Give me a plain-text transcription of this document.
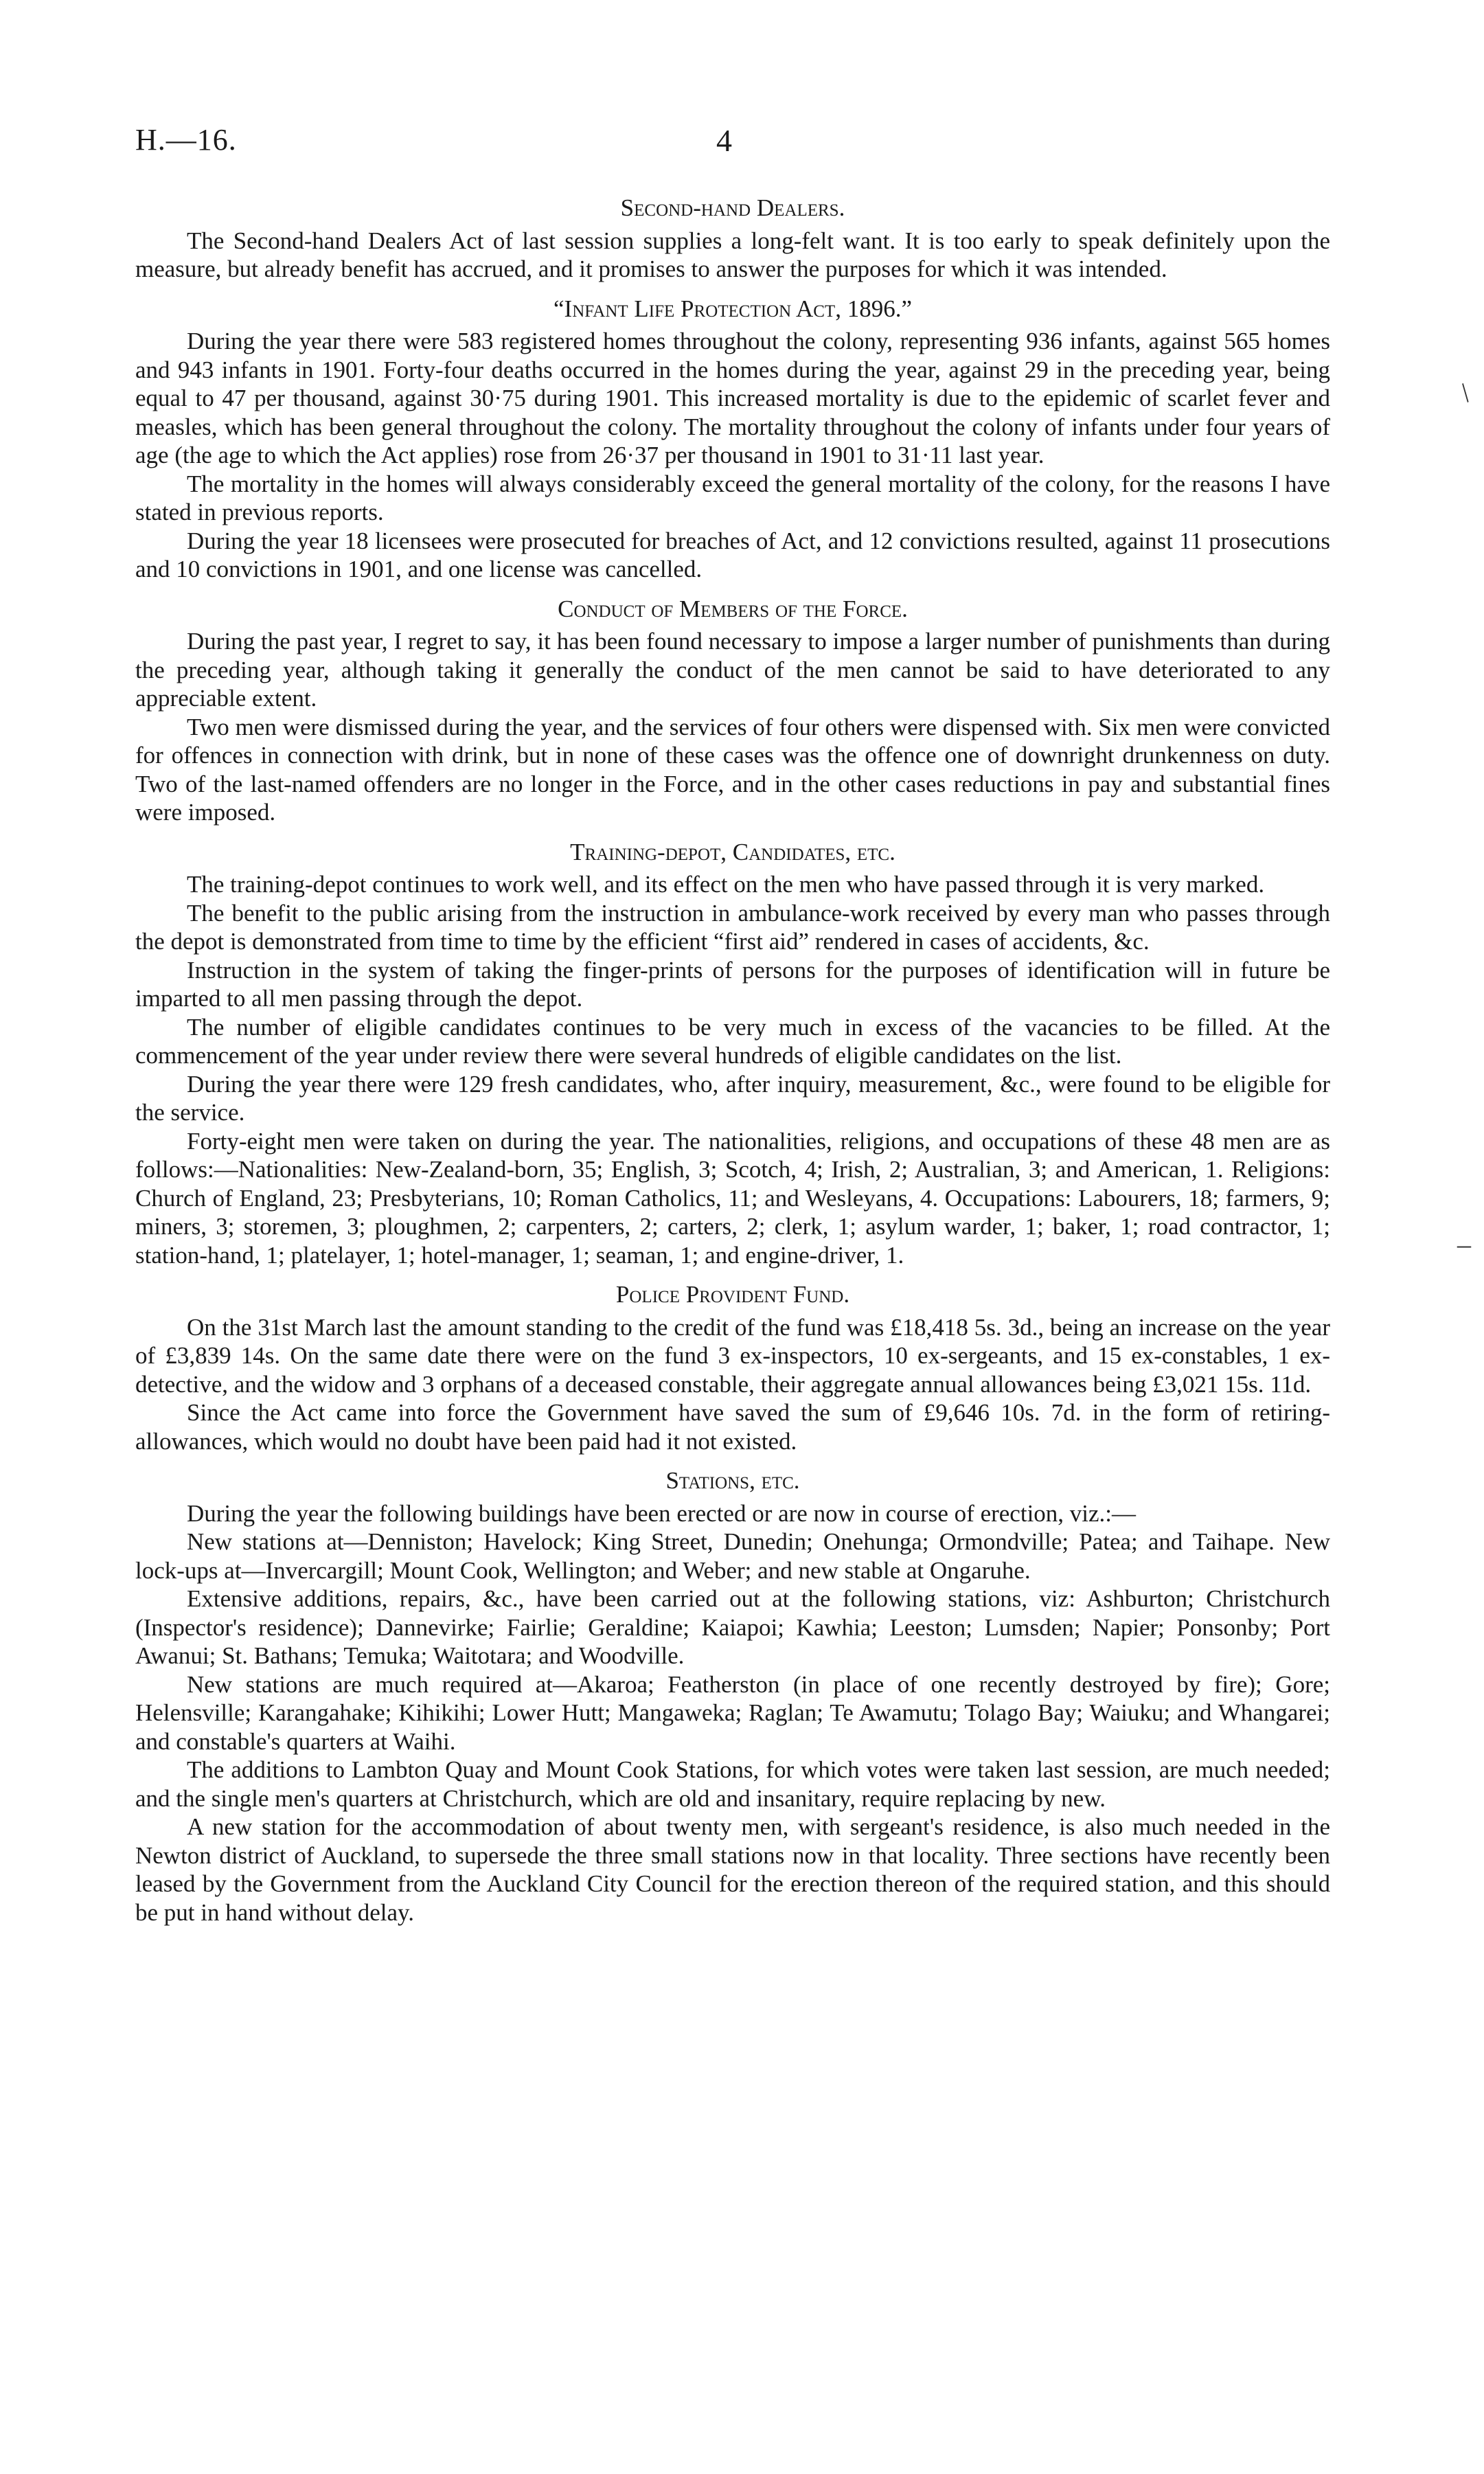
H.—16.	4
Second-hand Dealers.

The Second-hand Dealers Act of last session supplies a long-felt want. It is too early to speak definitely upon the measure, but already benefit has accrued, and it promises to answer the purposes for which it was intended.

“Infant Life Protection Act, 1896.”

During the year there were 583 registered homes throughout the colony, representing 936 infants, against 565 homes and 943 infants in 1901. Forty-four deaths occurred in the homes during the year, against 29 in the preceding year, being equal to 47 per thousand, against 30·75 during 1901. This increased mortality is due to the epidemic of scarlet fever and measles, which has been general throughout the colony. The mortality throughout the colony of infants under four years of age (the age to which the Act applies) rose from 26·37 per thousand in 1901 to 31·11 last year.

The mortality in the homes will always considerably exceed the general mortality of the colony, for the reasons I have stated in previous reports.

During the year 18 licensees were prosecuted for breaches of Act, and 12 convictions resulted, against 11 prosecutions and 10 convictions in 1901, and one license was cancelled.

Conduct of Members of the Force.

During the past year, I regret to say, it has been found necessary to impose a larger number of punishments than during the preceding year, although taking it generally the conduct of the men cannot be said to have deteriorated to any appreciable extent.

Two men were dismissed during the year, and the services of four others were dispensed with. Six men were convicted for offences in connection with drink, but in none of these cases was the offence one of downright drunkenness on duty. Two of the last-named offenders are no longer in the Force, and in the other cases reductions in pay and substantial fines were imposed.

Training-depot, Candidates, etc.

The training-depot continues to work well, and its effect on the men who have passed through it is very marked.

The benefit to the public arising from the instruction in ambulance-work received by every man who passes through the depot is demonstrated from time to time by the efficient “first aid” rendered in cases of accidents, &c.

Instruction in the system of taking the finger-prints of persons for the purposes of identification will in future be imparted to all men passing through the depot.

The number of eligible candidates continues to be very much in excess of the vacancies to be filled. At the commencement of the year under review there were several hundreds of eligible candidates on the list.

During the year there were 129 fresh candidates, who, after inquiry, measurement, &c., were found to be eligible for the service.

Forty-eight men were taken on during the year. The nationalities, religions, and occupations of these 48 men are as follows:—Nationalities: New-Zealand-born, 35; English, 3; Scotch, 4; Irish, 2; Australian, 3; and American, 1. Religions: Church of England, 23; Presbyterians, 10; Roman Catholics, 11; and Wesleyans, 4. Occupations: Labourers, 18; farmers, 9; miners, 3; storemen, 3; ploughmen, 2; carpenters, 2; carters, 2; clerk, 1; asylum warder, 1; baker, 1; road contractor, 1; station-hand, 1; platelayer, 1; hotel-manager, 1; seaman, 1; and engine-driver, 1.

Police Provident Fund.

On the 31st March last the amount standing to the credit of the fund was £18,418 5s. 3d., being an increase on the year of £3,839 14s. On the same date there were on the fund 3 ex-inspectors, 10 ex-sergeants, and 15 ex-constables, 1 ex-detective, and the widow and 3 orphans of a deceased constable, their aggregate annual allowances being £3,021 15s. 11d.

Since the Act came into force the Government have saved the sum of £9,646 10s. 7d. in the form of retiring-allowances, which would no doubt have been paid had it not existed.

Stations, etc.

During the year the following buildings have been erected or are now in course of erection, viz.:—

New stations at—Denniston; Havelock; King Street, Dunedin; Onehunga; Ormondville; Patea; and Taihape. New lock-ups at—Invercargill; Mount Cook, Wellington; and Weber; and new stable at Ongaruhe.

Extensive additions, repairs, &c., have been carried out at the following stations, viz: Ashburton; Christchurch (Inspector's residence); Dannevirke; Fairlie; Geraldine; Kaiapoi; Kawhia; Leeston; Lumsden; Napier; Ponsonby; Port Awanui; St. Bathans; Temuka; Waitotara; and Woodville.

New stations are much required at—Akaroa; Featherston (in place of one recently destroyed by fire); Gore; Helensville; Karangahake; Kihikihi; Lower Hutt; Mangaweka; Raglan; Te Awamutu; Tolago Bay; Waiuku; and Whangarei; and constable's quarters at Waihi.

The additions to Lambton Quay and Mount Cook Stations, for which votes were taken last session, are much needed; and the single men's quarters at Christchurch, which are old and insanitary, require replacing by new.

A new station for the accommodation of about twenty men, with sergeant's residence, is also much needed in the Newton district of Auckland, to supersede the three small stations now in that locality. Three sections have recently been leased by the Government from the Auckland City Council for the erection thereon of the required station, and this should be put in hand without delay.

/
–
